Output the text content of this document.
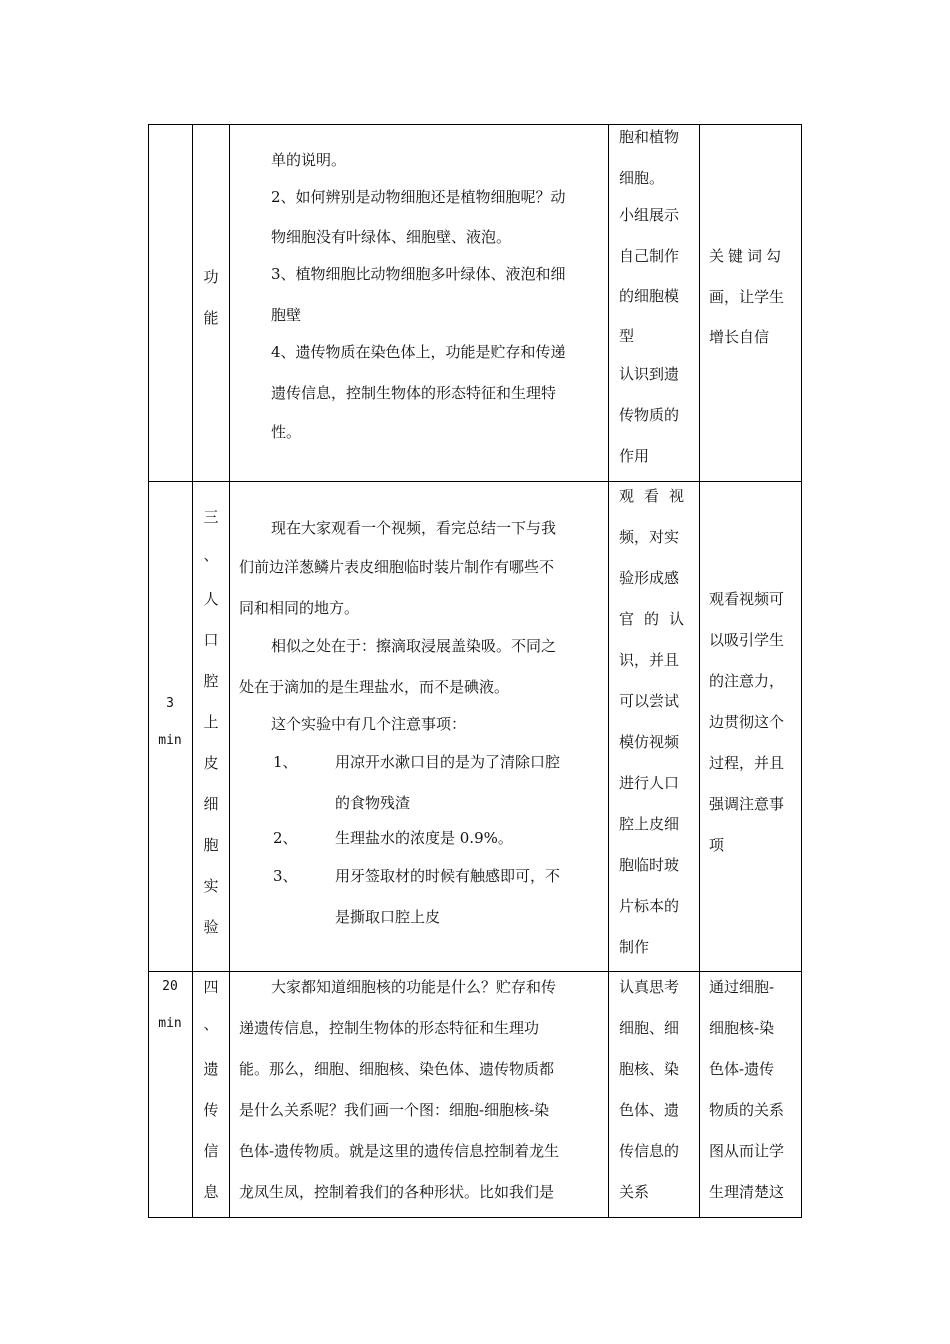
功
能
单的说明。
2、如何辨别是动物细胞还是植物细胞呢？动
物细胞没有叶绿体、细胞壁、液泡。
3、植物细胞比动物细胞多叶绿体、液泡和细
胞壁
4、遗传物质在染色体上，功能是贮存和传递
遗传信息，控制生物体的形态特征和生理特
性。
胞和植物
细胞。
小组展示
自己制作
的细胞模
型
认识到遗
传物质的
作用
关键词勾
画，让学生
增长自信
3
min
三
、
人
口
腔
上
皮
细
胞
实
验
现在大家观看一个视频，看完总结一下与我
们前边洋葱鳞片表皮细胞临时装片制作有哪些不
同和相同的地方。
相似之处在于：擦滴取浸展盖染吸。不同之
处在于滴加的是生理盐水，而不是碘液。
这个实验中有几个注意事项：
1、 用凉开水漱口目的是为了清除口腔
的食物残渣
2、 生理盐水的浓度是 0.9%。
3、 用牙签取材的时候有触感即可，不
是撕取口腔上皮
观看视
频，对实
验形成感
官的认
识，并且
可以尝试
模仿视频
进行人口
腔上皮细
胞临时玻
片标本的
制作
观看视频可
以吸引学生
的注意力，
边贯彻这个
过程，并且
强调注意事
项
20
min
四
、
遗
传
信
息
大家都知道细胞核的功能是什么？贮存和传
递遗传信息，控制生物体的形态特征和生理功
能。那么，细胞、细胞核、染色体、遗传物质都
是什么关系呢？我们画一个图：细胞-细胞核-染
色体-遗传物质。就是这里的遗传信息控制着龙生
龙凤生凤，控制着我们的各种形状。比如我们是
认真思考
细胞、细
胞核、染
色体、遗
传信息的
关系
通过细胞-
细胞核-染
色体-遗传
物质的关系
图从而让学
生理清楚这
